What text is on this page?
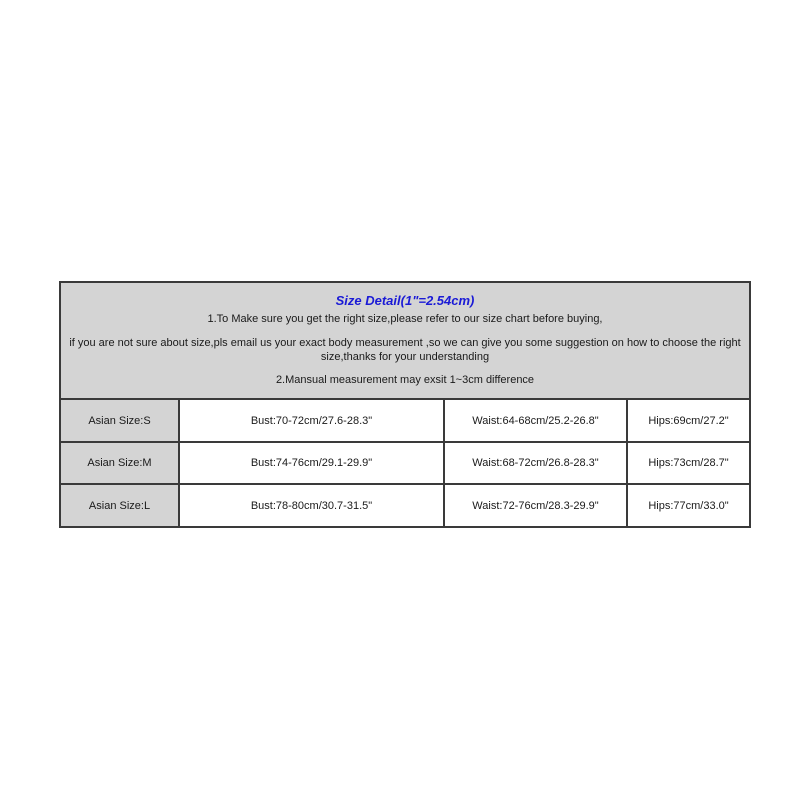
Size Detail(1"=2.54cm)
1.To Make sure you get the right size,please refer to our size chart before buying,
if you are not sure about size,pls email us your exact body measurement ,so we can give you some suggestion on how to choose the right size,thanks for your understanding
2.Mansual measurement may exsit 1~3cm difference
Asian Size:S	Bust:70-72cm/27.6-28.3"	Waist:64-68cm/25.2-26.8"	Hips:69cm/27.2"
Asian Size:M	Bust:74-76cm/29.1-29.9"	Waist:68-72cm/26.8-28.3"	Hips:73cm/28.7"
Asian Size:L	Bust:78-80cm/30.7-31.5"	Waist:72-76cm/28.3-29.9"	Hips:77cm/33.0"
